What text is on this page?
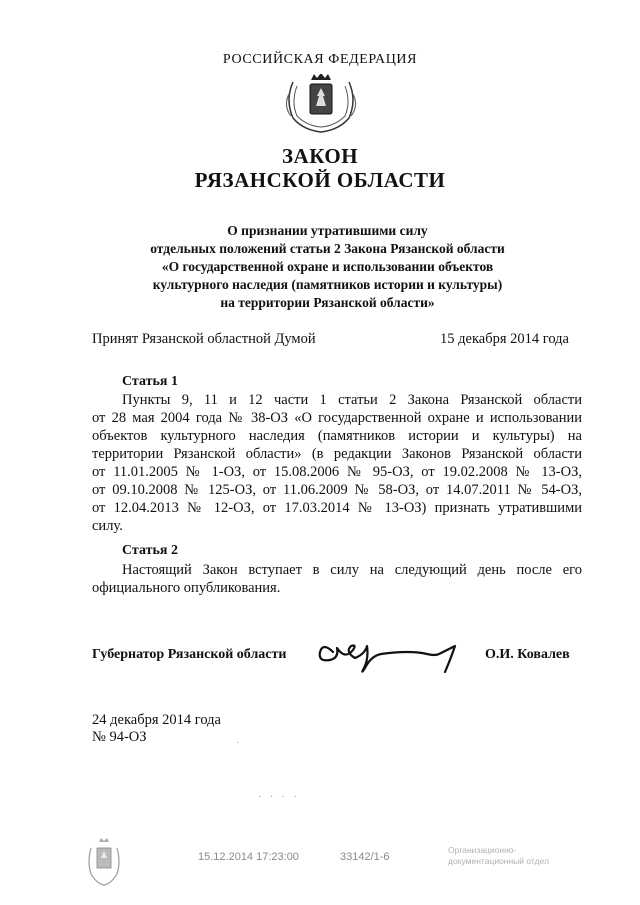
РОССИЙСКАЯ ФЕДЕРАЦИЯ
ЗАКОН
РЯЗАНСКОЙ ОБЛАСТИ
О признании утратившими силу
отдельных положений статьи 2 Закона Рязанской области
«О государственной охране и использовании объектов
культурного наследия (памятников истории и культуры)
на территории Рязанской области»
Принят Рязанской областной Думой	15 декабря 2014 года
Статья 1
Пункты 9, 11 и 12 части 1 статьи 2 Закона Рязанской области
от 28 мая 2004 года № 38-ОЗ «О государственной охране и использовании
объектов культурного наследия (памятников истории и культуры) на
территории Рязанской области» (в редакции Законов Рязанской области
от 11.01.2005 № 1-ОЗ, от 15.08.2006 № 95-ОЗ, от 19.02.2008 № 13-ОЗ,
от 09.10.2008 № 125-ОЗ, от 11.06.2009 № 58-ОЗ, от 14.07.2011 № 54-ОЗ,
от 12.04.2013 № 12-ОЗ, от 17.03.2014 № 13-ОЗ) признать утратившими
силу.
Статья 2
Настоящий Закон вступает в силу на следующий день после его
официального опубликования.
Губернатор Рязанской области	О.И. Ковалев
24 декабря 2014 года
№ 94-ОЗ	·
· · · ·
15.12.2014 17:23:00	33142/1-6
Организационно-
документационный отдел
